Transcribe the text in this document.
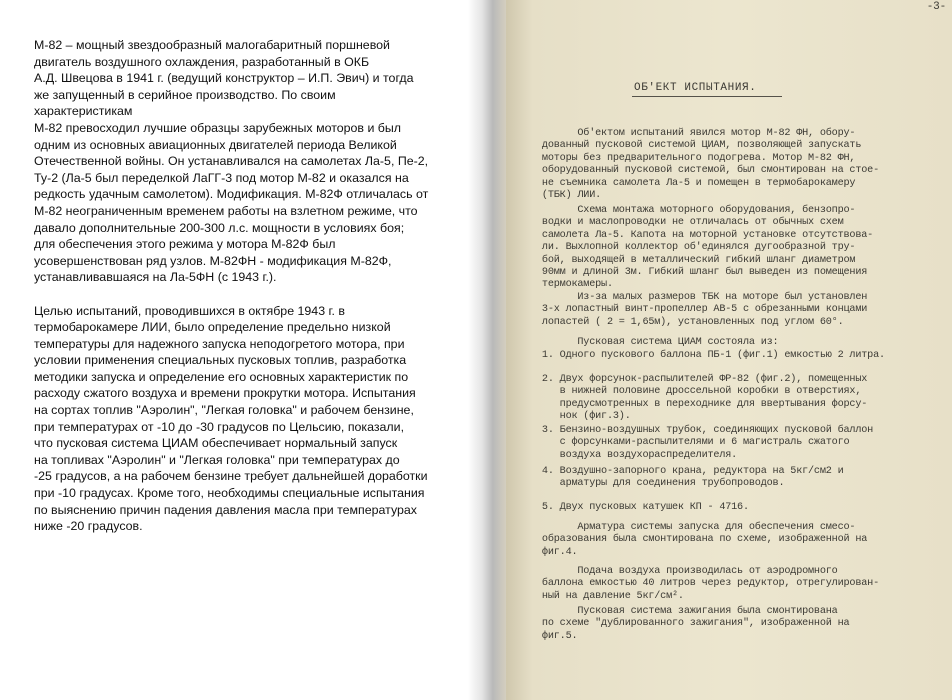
М-82 – мощный звездообразный малогабаритный поршневой

двигатель воздушного охлаждения, разработанный в ОКБ

А.Д. Швецова в 1941 г. (ведущий конструктор – И.П. Эвич) и тогда

же запущенный в серийное производство. По своим

характеристикам

М-82 превосходил лучшие образцы зарубежных моторов и был

одним из основных авиационных двигателей периода Великой

Отечественной войны. Он устанавливался на самолетах Ла-5, Пе-2,

Ту-2 (Ла-5 был переделкой ЛаГГ-3 под мотор М-82 и оказался на

редкость удачным самолетом). Модификация. М-82Ф отличалась от

М-82 неограниченным временем работы на взлетном режиме, что

давало дополнительные 200-300 л.с. мощности в условиях боя;

для обеспечения этого режима у мотора М-82Ф был

усовершенствован ряд узлов. М-82ФН - модификация М-82Ф,

устанавливавшаяся на Ла-5ФН (с 1943 г.).

Целью испытаний, проводившихся в октябре 1943 г. в

термобарокамере ЛИИ, было определение предельно низкой

температуры для надежного запуска неподогретого мотора, при

условии применения специальных пусковых топлив, разработка

методики запуска и определение его основных характеристик по

расходу сжатого воздуха и времени прокрутки мотора. Испытания

на сортах топлив "Аэролин", "Легкая головка" и рабочем бензине,

при температурах от -10 до -30 градусов по Цельсию, показали,

что пусковая система ЦИАМ обеспечивает нормальный запуск

на топливах "Аэролин" и "Легкая головка" при температурах до

-25 градусов, а на рабочем бензине требует дальнейшей доработки

при -10 градусах. Кроме того, необходимы специальные испытания

по выяснению причин падения давления масла при температурах

ниже -20 градусов.

-3-
ОБ'ЕКТ ИСПЫТАНИЯ.
Об'ектом испытаний явился мотор М-82 ФН, обору-
дованный пусковой системой ЦИАМ, позволяющей запускать
моторы без предварительного подогрева. Мотор М-82 ФН,
оборудованный пусковой системой, был смонтирован на стое-
не съемника самолета Ла-5 и помещен в термобарокамеру
(ТБК) ЛИИ.
Схема монтажа моторного оборудования, бензопро-
водки и маслопроводки не отличалась от обычных схем
самолета Ла-5. Капота на моторной установке отсутствова-
ли. Выхлопной коллектор об'единялся дугообразной тру-
бой, выходящей в металлический гибкий шланг диаметром
90мм и длиной 3м. Гибкий шланг был выведен из помещения
термокамеры.
Из-за малых размеров ТБК на моторе был установлен
3-х лопастный винт-пропеллер АВ-5 с обрезанными концами
лопастей ( 2 = 1,65м), установленных под углом 60°.
Пусковая система ЦИАМ состояла из:
1. Одного пускового баллона ПБ-1 (фиг.1) емкостью 2 литра.
2. Двух форсунок-распылителей ФР-82 (фиг.2), помещенных
в нижней половине дроссельной коробки в отверстиях,
предусмотренных в переходнике для ввертывания форсу-
нок (фиг.3).
3. Бензино-воздушных трубок, соединяющих пусковой баллон
с форсунками-распылителями и 6 магистраль сжатого
воздуха воздухораспределителя.
4. Воздушно-запорного крана, редуктора на 5кг/см2 и
арматуры для соединения трубопроводов.
5. Двух пусковых катушек КП - 4716.
Арматура системы запуска для обеспечения смесо-
образования была смонтирована по схеме, изображенной на
фиг.4.
Подача воздуха производилась от аэродромного
баллона емкостью 40 литров через редуктор, отрегулирован-
ный на давление 5кг/см².
Пусковая система зажигания была смонтирована
по схеме "дублированного зажигания", изображенной на
фиг.5.
